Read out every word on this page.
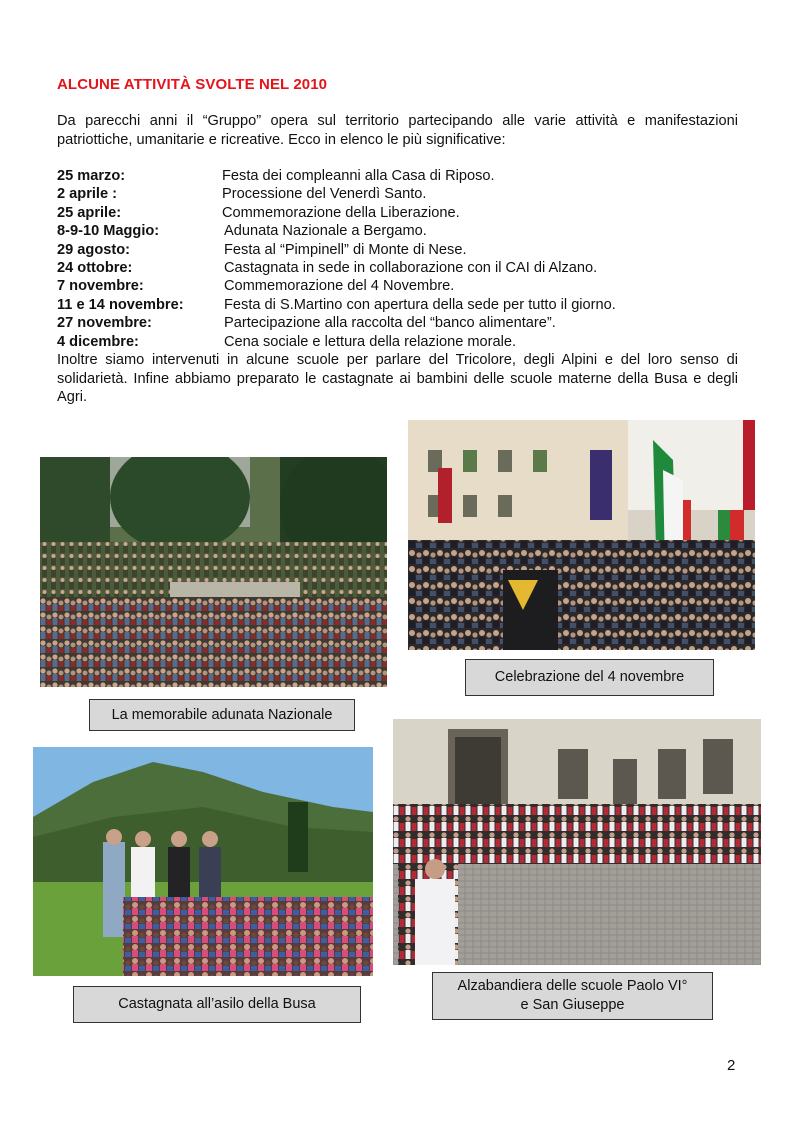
ALCUNE ATTIVITÀ SVOLTE NEL 2010
Da parecchi anni il “Gruppo” opera sul territorio partecipando alle varie attività e manifestazioni patriottiche, umanitarie e ricreative. Ecco in elenco le più significative:
25 marzo:	Festa dei compleanni alla Casa di Riposo.
2 aprile :	Processione del Venerdì Santo.
25 aprile:	Commemorazione della Liberazione.
8-9-10 Maggio:	Adunata Nazionale a Bergamo.
29 agosto:	Festa al “Pimpinell” di Monte di Nese.
24 ottobre:	Castagnata in sede in collaborazione con il CAI di Alzano.
7 novembre:	Commemorazione del 4 Novembre.
11 e 14 novembre:	Festa di S.Martino con apertura della sede per tutto il giorno.
27 novembre:	Partecipazione alla raccolta del “banco alimentare”.
4 dicembre:	Cena sociale e lettura della relazione morale.
Inoltre siamo intervenuti in alcune scuole per parlare del Tricolore, degli Alpini e del loro senso di solidarietà. Infine abbiamo preparato le castagnate ai bambini delle scuole materne della Busa e degli Agri.
La memorabile adunata Nazionale
Celebrazione del 4 novembre
Castagnata all’asilo della Busa
Alzabandiera delle scuole Paolo VI°
e San Giuseppe
2
